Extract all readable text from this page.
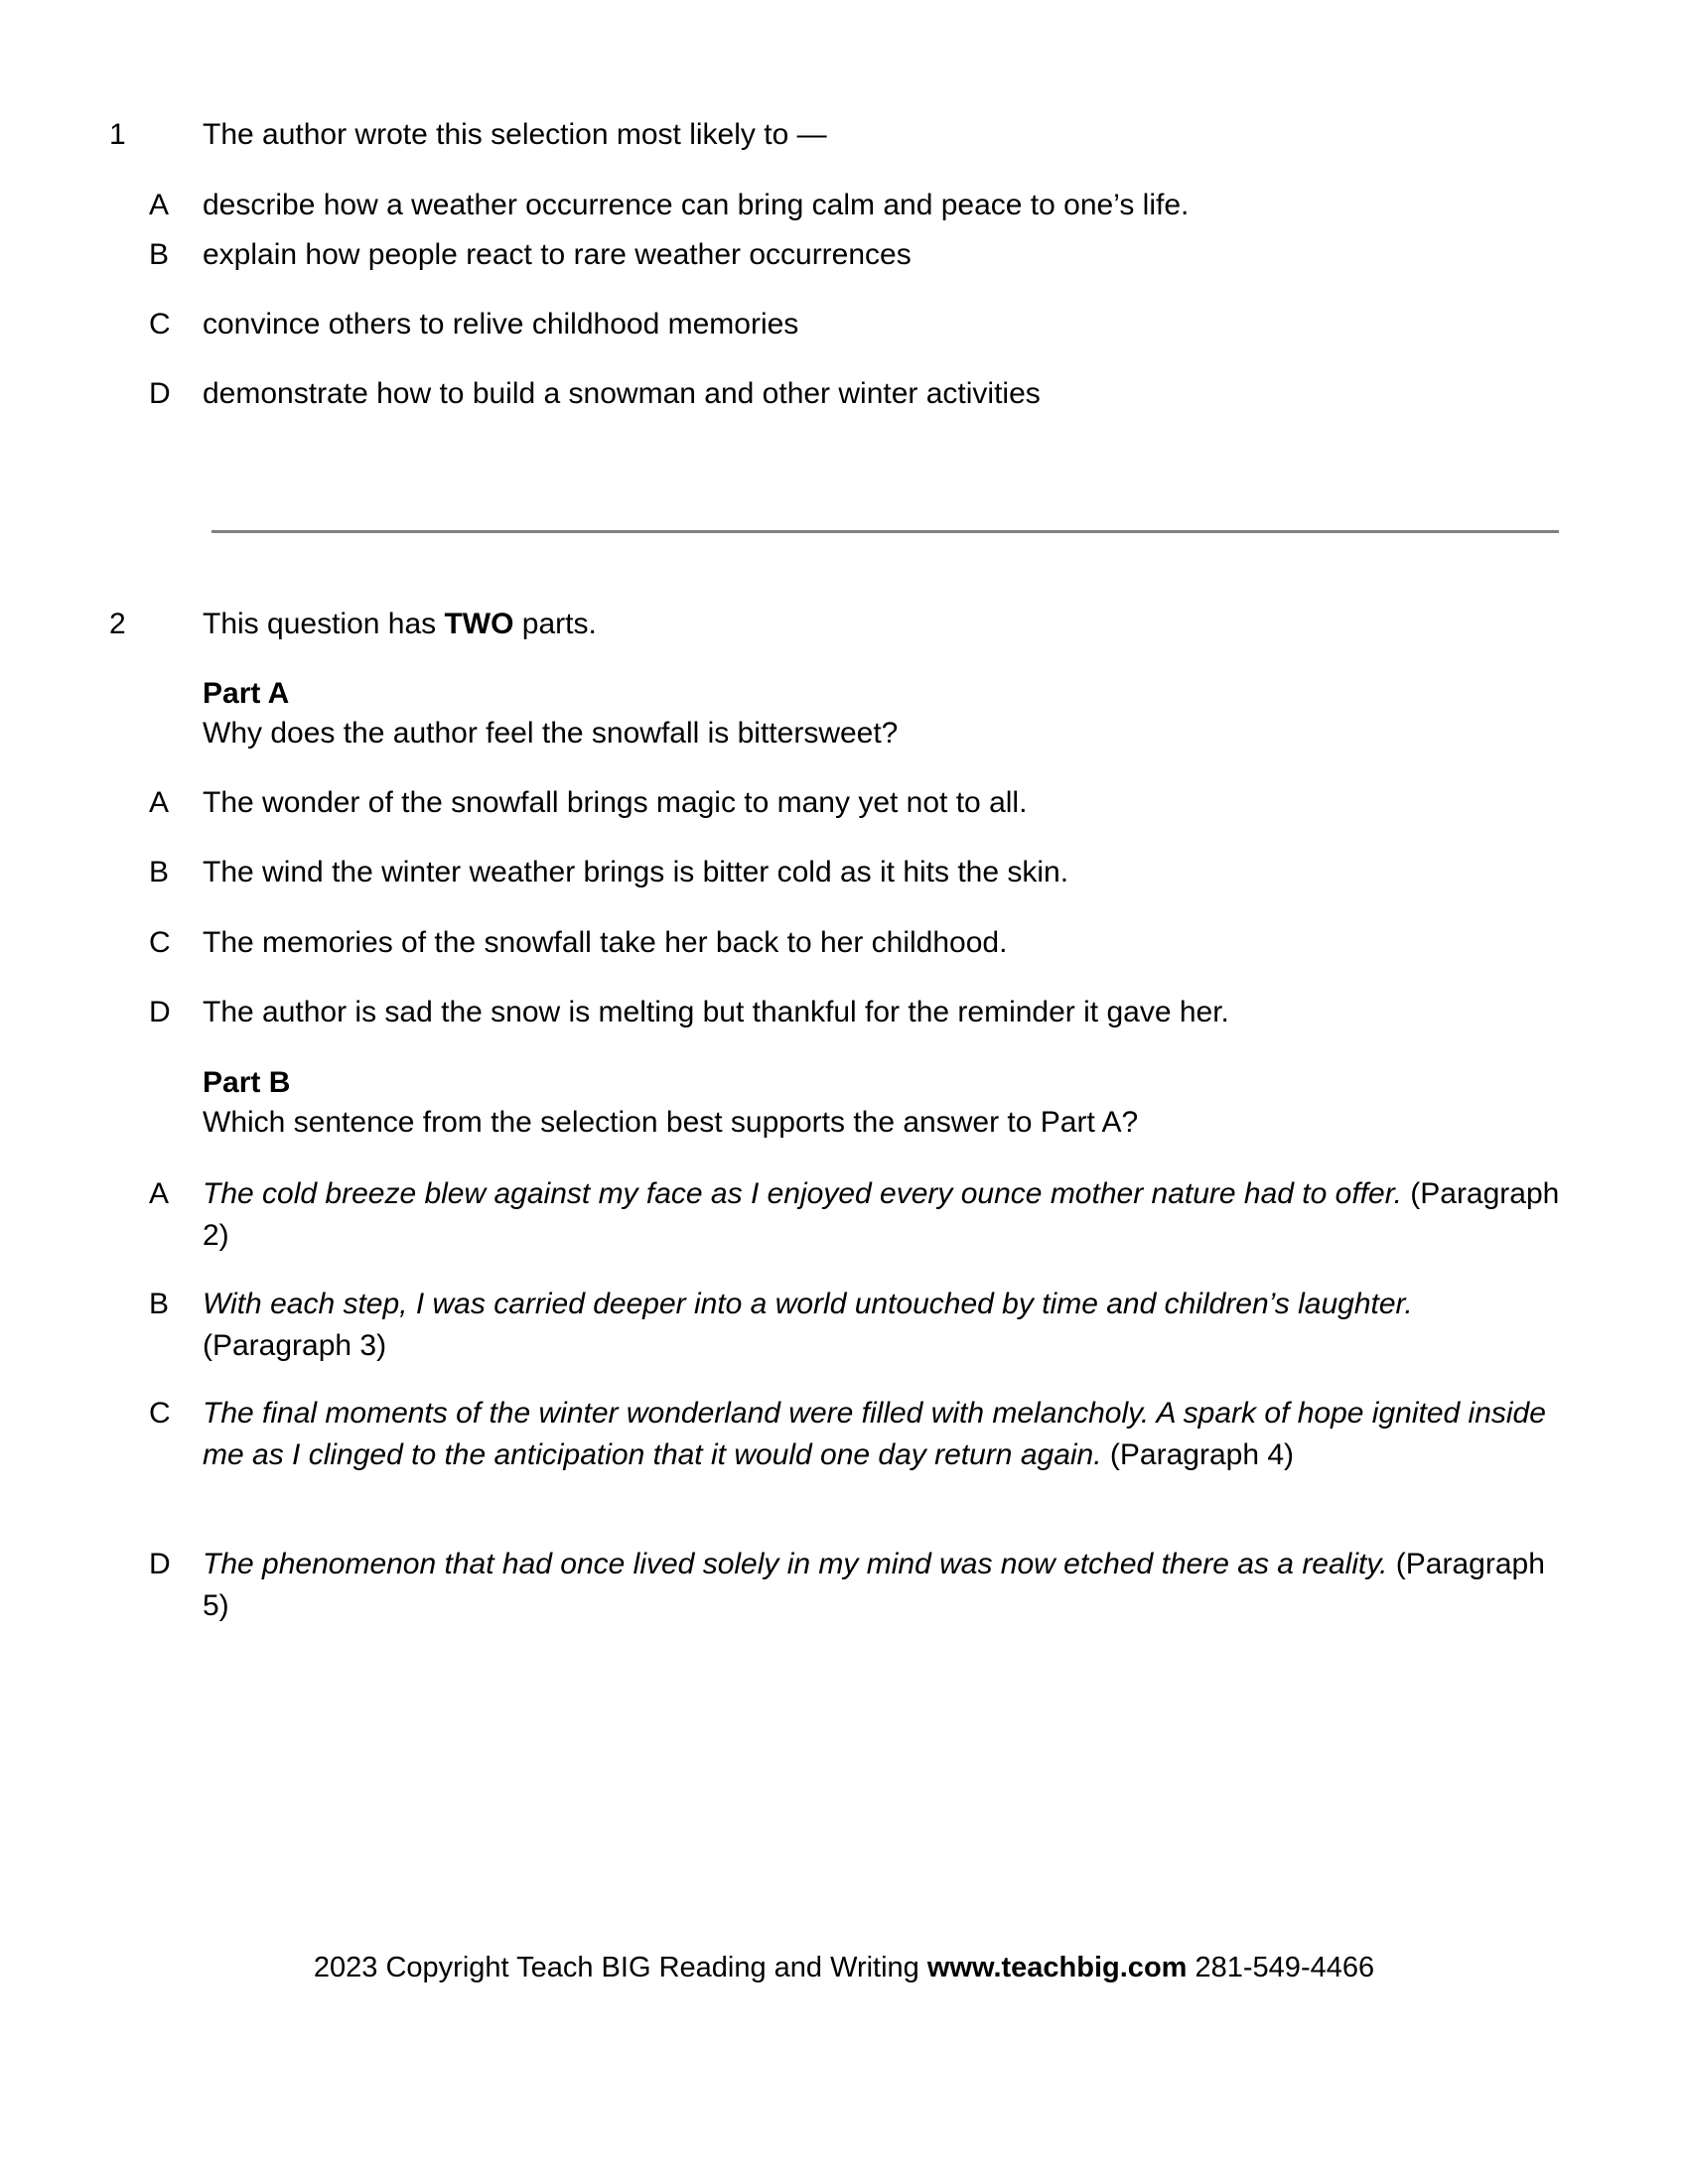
1	The author wrote this selection most likely to —
A	describe how a weather occurrence can bring calm and peace to one’s life.
B	explain how people react to rare weather occurrences
C	convince others to relive childhood memories
D	demonstrate how to build a snowman and other winter activities
2	This question has TWO parts.
Part A
Why does the author feel the snowfall is bittersweet?
A	The wonder of the snowfall brings magic to many yet not to all.
B	The wind the winter weather brings is bitter cold as it hits the skin.
C	The memories of the snowfall take her back to her childhood.
D	The author is sad the snow is melting but thankful for the reminder it gave her.
Part B
Which sentence from the selection best supports the answer to Part A?
A	The cold breeze blew against my face as I enjoyed every ounce mother nature had to offer. (Paragraph 2)
B	With each step, I was carried deeper into a world untouched by time and children’s laughter. (Paragraph 3)
C	The final moments of the winter wonderland were filled with melancholy. A spark of hope ignited inside me as I clinged to the anticipation that it would one day return again. (Paragraph 4)
D	The phenomenon that had once lived solely in my mind was now etched there as a reality. (Paragraph 5)
2023 Copyright Teach BIG Reading and Writing www.teachbig.com 281-549-4466
